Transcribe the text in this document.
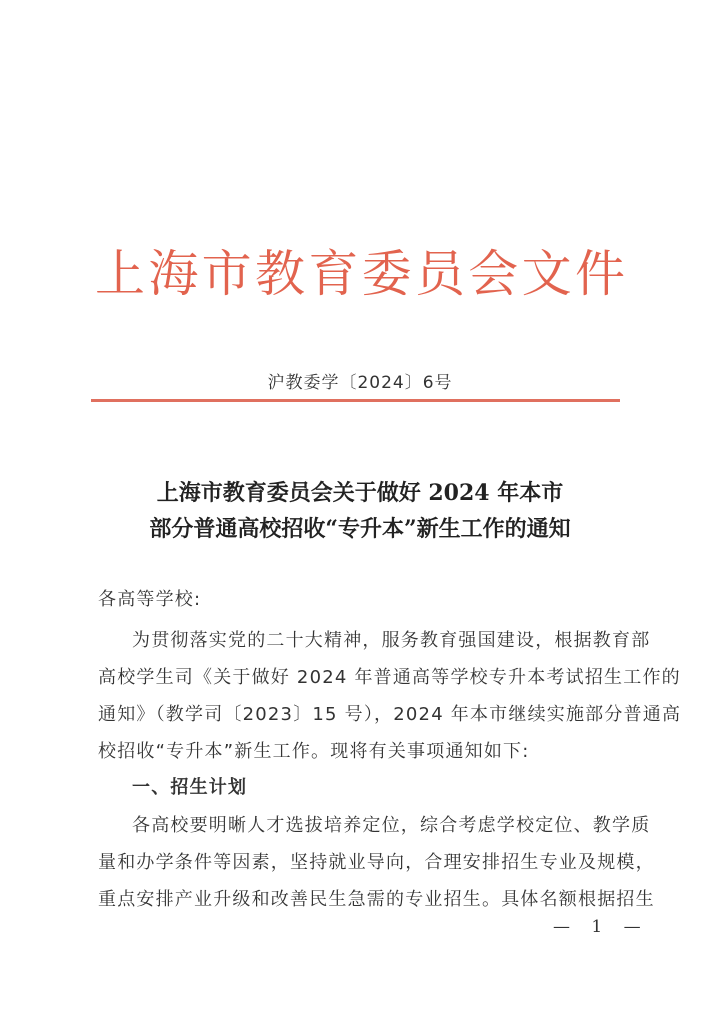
上 海 市 教 育 委 员 会 文 件
沪教委学〔2024〕6号
上海市教育委员会关于做好 2024 年本市
部分普通高校招收“专升本”新生工作的通知
各高等学校:
为贯彻落实党的二十大精神，服务教育强国建设，根据教育部
高校学生司《关于做好 2024 年普通高等学校专升本考试招生工作的
通知》（教学司〔2023〕15 号），2024 年本市继续实施部分普通高
校招收“专升本”新生工作。现将有关事项通知如下:
一、招生计划
各高校要明晰人才选拔培养定位，综合考虑学校定位、教学质
量和办学条件等因素，坚持就业导向，合理安排招生专业及规模，
重点安排产业升级和改善民生急需的专业招生。具体名额根据招生
— 1 —
